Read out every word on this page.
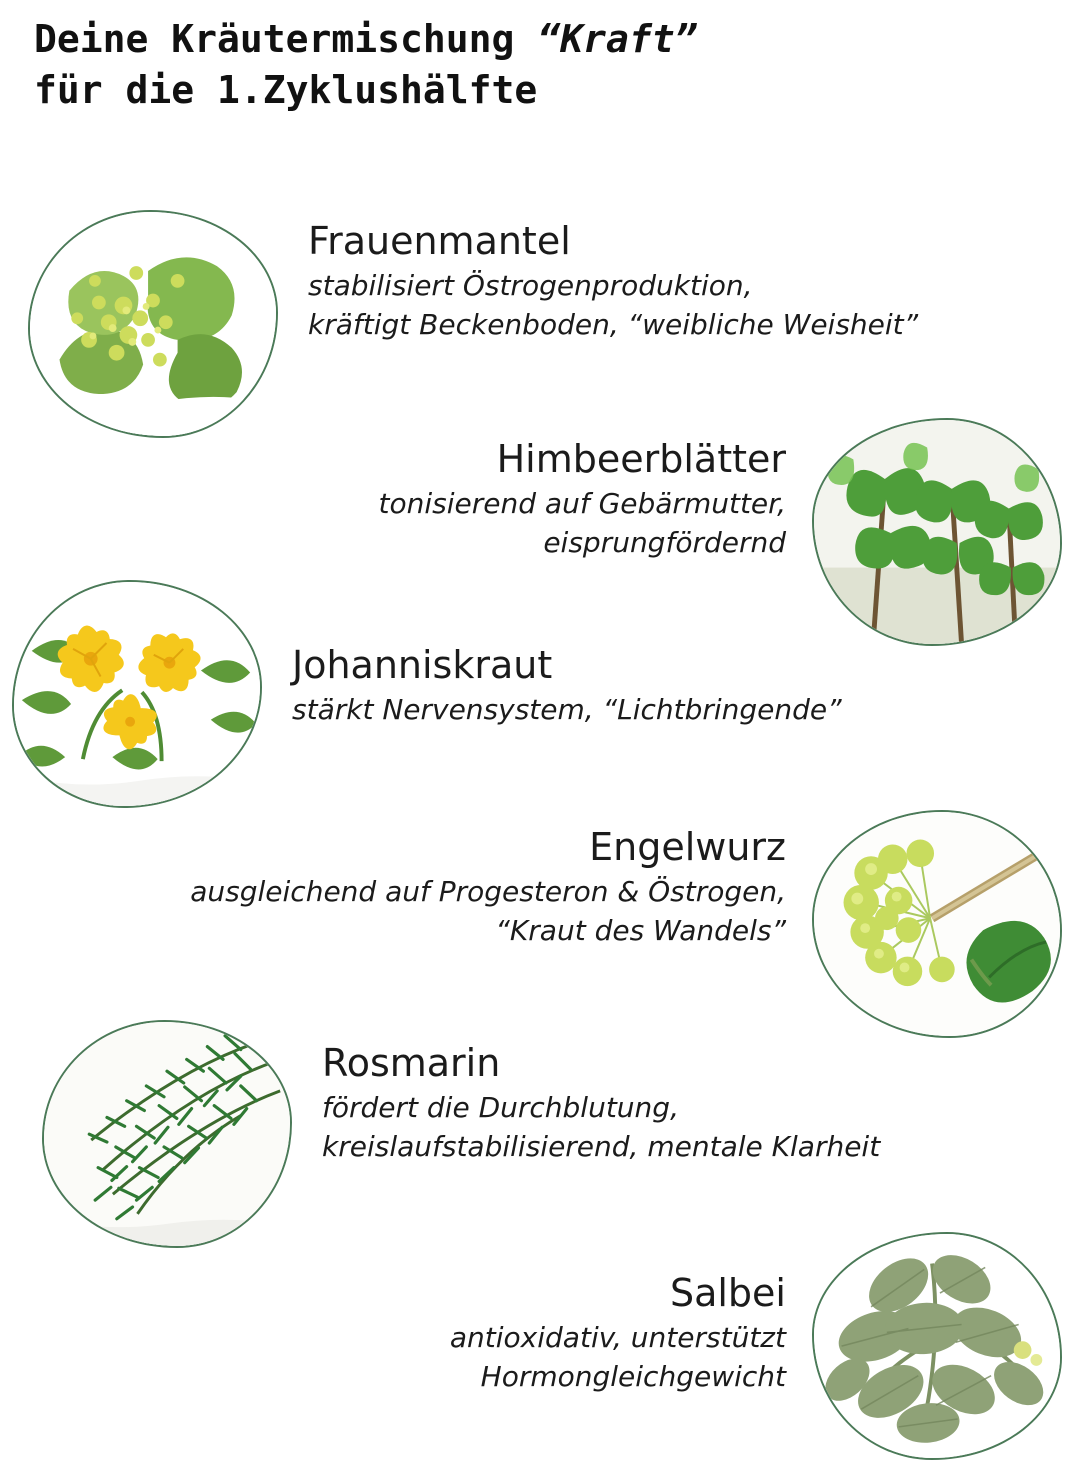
Deine Kräutermischung “Kraft”
für die 1.Zyklushälfte
Frauenmantel
stabilisiert Östrogenproduktion,
kräftigt Beckenboden, “weibliche Weisheit”
Himbeerblätter
tonisierend auf Gebärmutter,
eisprungfördernd
Johanniskraut
stärkt Nervensystem, “Lichtbringende”
Engelwurz
ausgleichend auf Progesteron & Östrogen,
“Kraut des Wandels”
Rosmarin
fördert die Durchblutung,
kreislaufstabilisierend, mentale Klarheit
Salbei
antioxidativ, unterstützt
Hormongleichgewicht
